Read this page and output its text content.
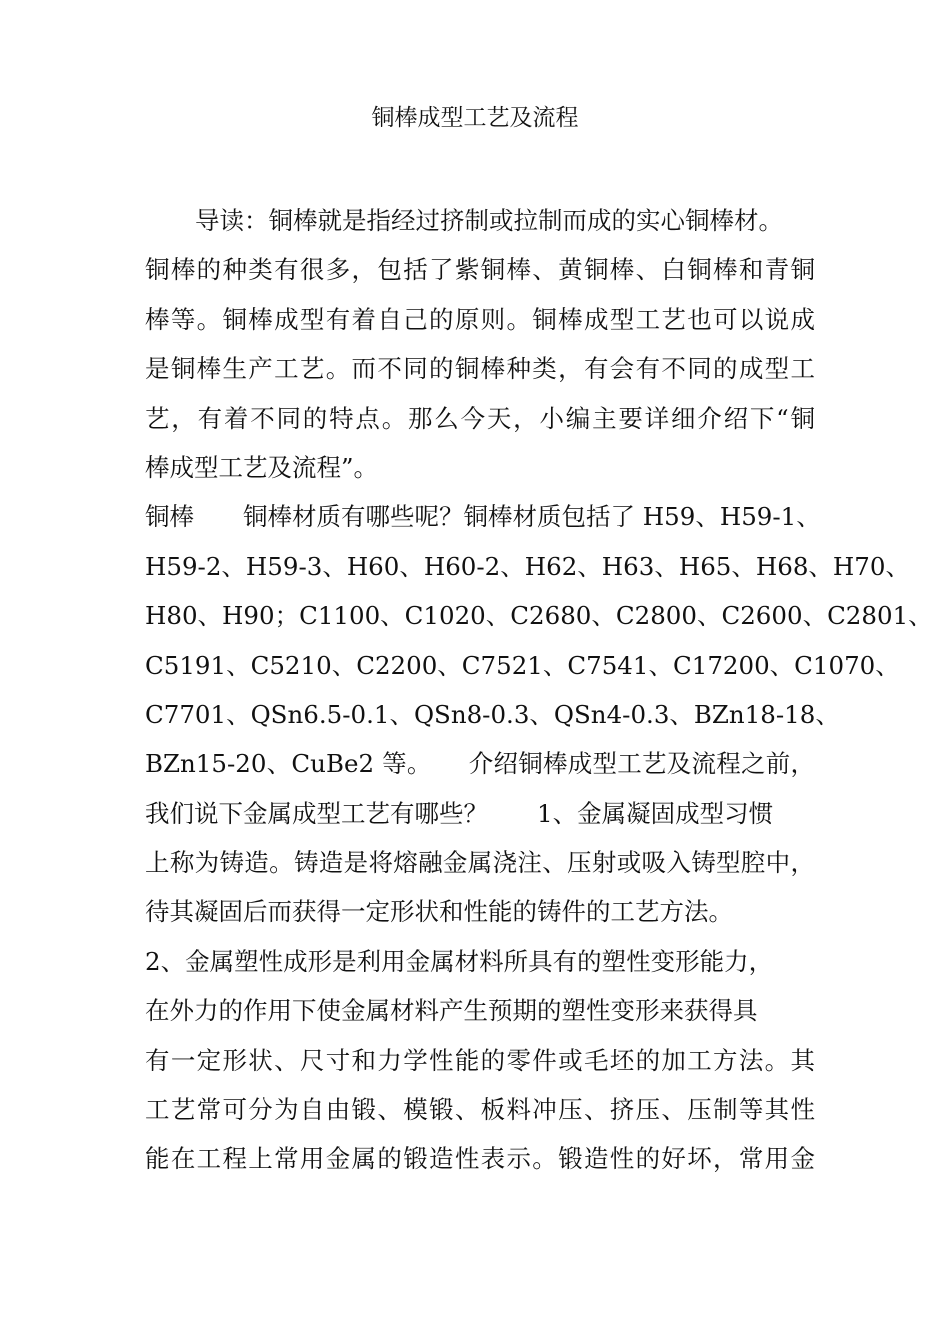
铜棒成型工艺及流程
导读：铜棒就是指经过挤制或拉制而成的实心铜棒材。
铜棒的种类有很多，包括了紫铜棒、黄铜棒、白铜棒和青铜
棒等。铜棒成型有着自己的原则。铜棒成型工艺也可以说成
是铜棒生产工艺。而不同的铜棒种类，有会有不同的成型工
艺，有着不同的特点。那么今天，小编主要详细介绍下“铜
棒成型工艺及流程”。
铜棒　　铜棒材质有哪些呢？铜棒材质包括了 H59、H59-1、
H59-2、H59-3、H60、H60-2、H62、H63、H65、H68、H70、
H80、H90；C1100、C1020、C2680、C2800、C2600、C2801、
C5191、C5210、C2200、C7521、C7541、C17200、C1070、
C7701、QSn6.5-0.1、QSn8-0.3、QSn4-0.3、BZn18-18、
BZn15-20、CuBe2 等。　　介绍铜棒成型工艺及流程之前，
我们说下金属成型工艺有哪些？　　1、金属凝固成型习惯
上称为铸造。铸造是将熔融金属浇注、压射或吸入铸型腔中，
待其凝固后而获得一定形状和性能的铸件的工艺方法。
2、金属塑性成形是利用金属材料所具有的塑性变形能力，
在外力的作用下使金属材料产生预期的塑性变形来获得具
有一定形状、尺寸和力学性能的零件或毛坯的加工方法。其
工艺常可分为自由锻、模锻、板料冲压、挤压、压制等其性
能在工程上常用金属的锻造性表示。锻造性的好坏，常用金
